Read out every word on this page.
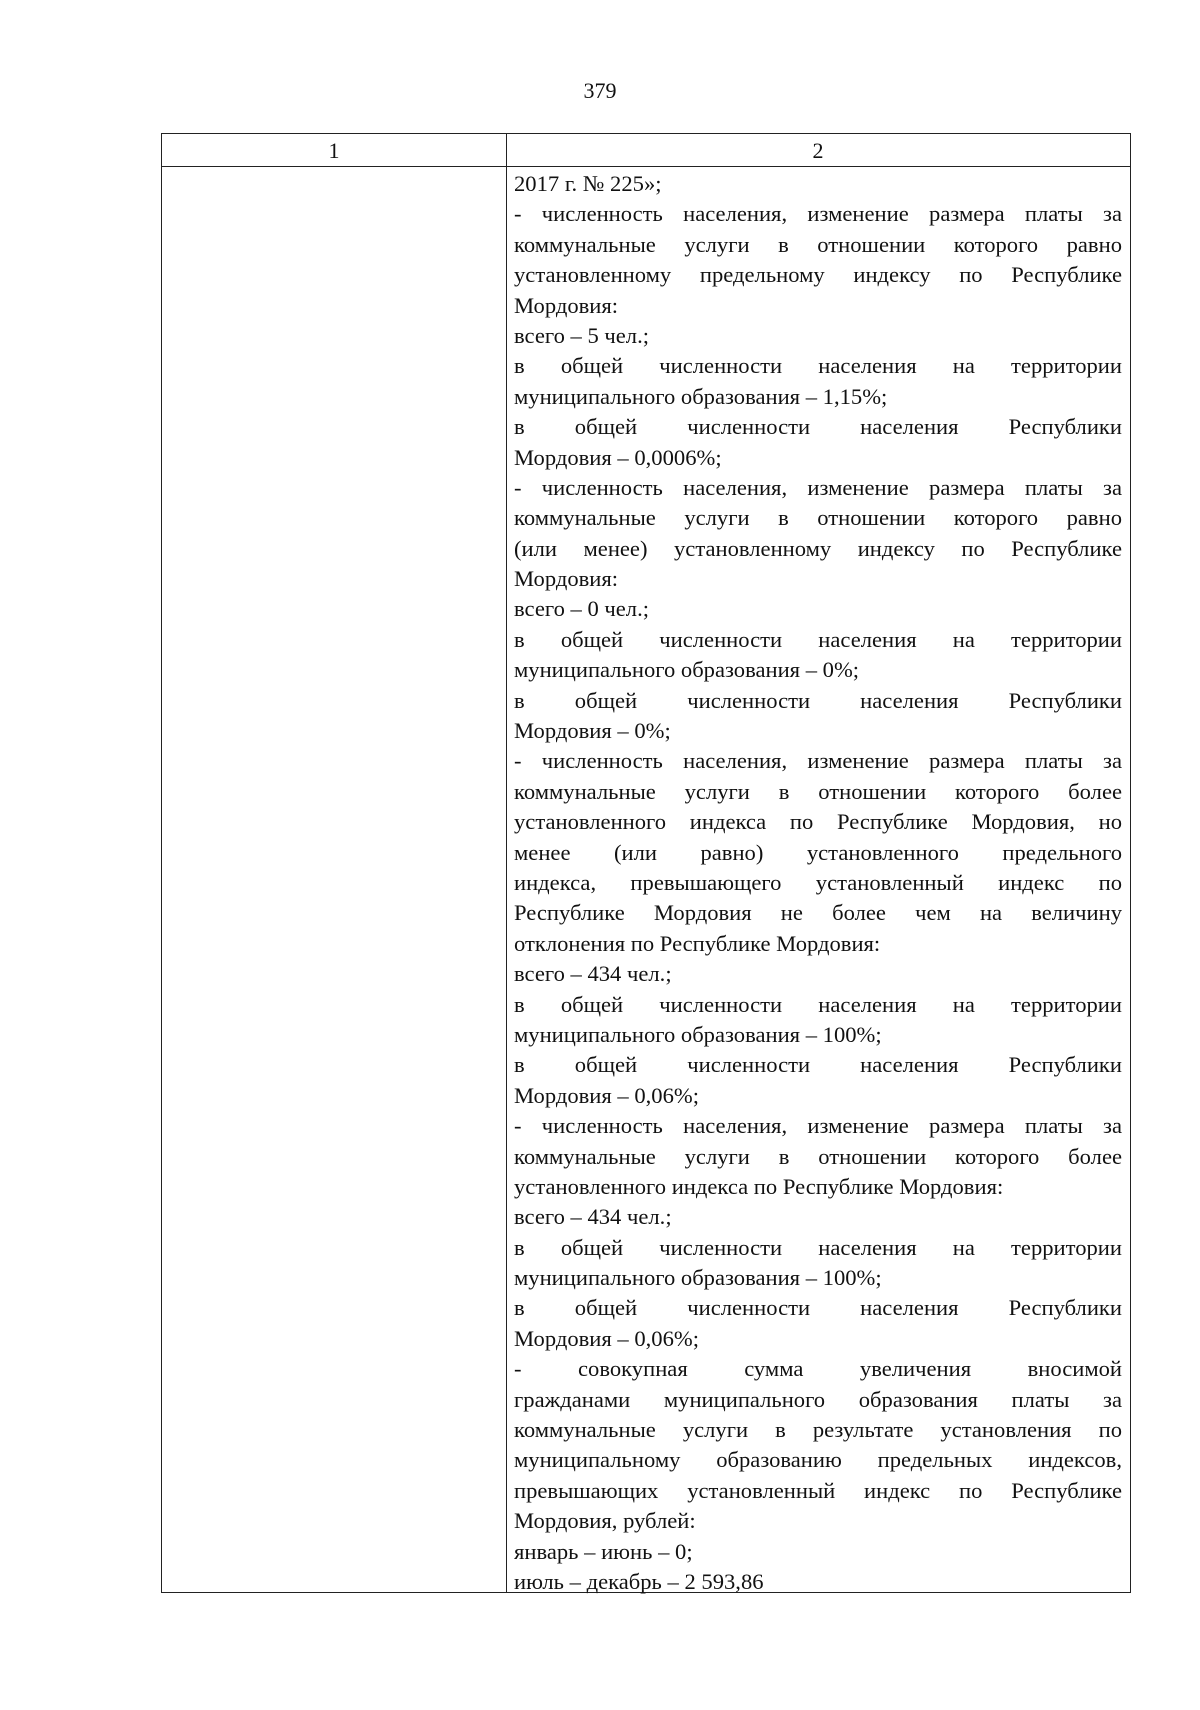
379
1	2
2017 г. № 225»;
- численность населения, изменение размера платы за
коммунальные услуги в отношении которого равно
установленному предельному индексу по Республике
Мордовия:
всего – 5 чел.;
в общей численности населения на территории
муниципального образования – 1,15%;
в общей численности населения Республики
Мордовия – 0,0006%;
- численность населения, изменение размера платы за
коммунальные услуги в отношении которого равно
(или менее) установленному индексу по Республике
Мордовия:
всего – 0 чел.;
в общей численности населения на территории
муниципального образования – 0%;
в общей численности населения Республики
Мордовия – 0%;
- численность населения, изменение размера платы за
коммунальные услуги в отношении которого более
установленного индекса по Республике Мордовия, но
менее (или равно) установленного предельного
индекса, превышающего установленный индекс по
Республике Мордовия не более чем на величину
отклонения по Республике Мордовия:
всего – 434 чел.;
в общей численности населения на территории
муниципального образования – 100%;
в общей численности населения Республики
Мордовия – 0,06%;
- численность населения, изменение размера платы за
коммунальные услуги в отношении которого более
установленного индекса по Республике Мордовия:
всего – 434 чел.;
в общей численности населения на территории
муниципального образования – 100%;
в общей численности населения Республики
Мордовия – 0,06%;
- совокупная сумма увеличения вносимой
гражданами муниципального образования платы за
коммунальные услуги в результате установления по
муниципальному образованию предельных индексов,
превышающих установленный индекс по Республике
Мордовия, рублей:
январь – июнь – 0;
июль – декабрь – 2 593,86
